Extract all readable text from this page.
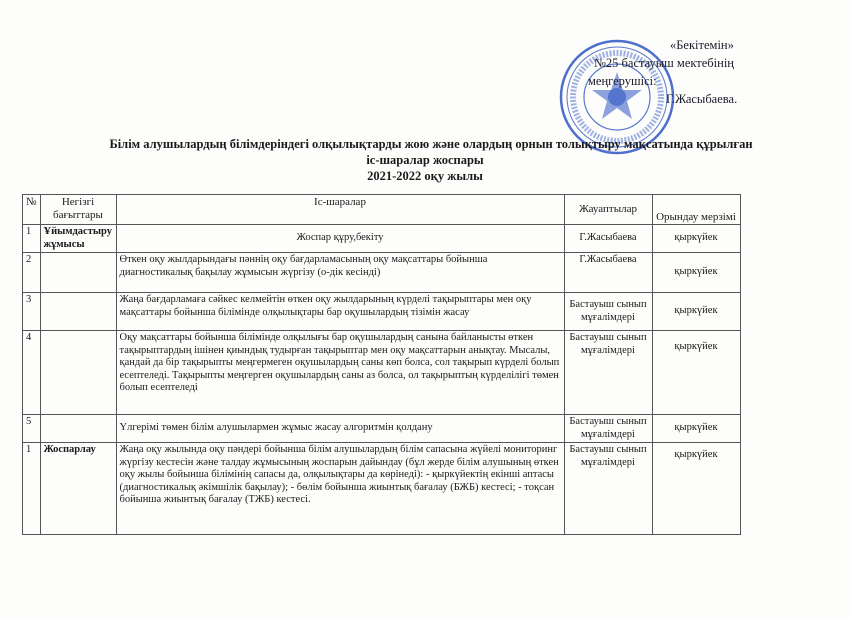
«Бекітемін»
№25 бастауыш мектебінің
меңгерушісі:
Г.Жасыбаева.
Білім алушылардың білімдеріндегі олқылықтарды жою және олардың орнын толықтыру мақсатында құрылған
іс-шаралар жоспары
2021-2022 оқу жылы
№	Негізгі бағыттары	Іс-шаралар	Жауаптылар	Орындау мерзімі
1	Ұйымдастыру жұмысы	Жоспар құру,бекіту	Г.Жасыбаева	қыркүйек
2		Өткен оқу жылдарындағы пәннің оқу бағдарламасының оқу мақсаттары бойынша диагностикалық бақылау жұмысын жүргізу (о-дік кесінді)	Г.Жасыбаева	қыркүйек
3		Жаңа бағдарламаға сәйкес келмейтін өткен оқу жылдарының күрделі тақырыптары мен оқу мақсаттары бойынша білімінде олқылықтары бар оқушылардың тізімін жасау	Бастауыш сынып мұғалімдері	қыркүйек
4		Оқу мақсаттары бойынша білімінде олқылығы бар оқушылардың санына байланысты өткен тақырыптардың ішінен қиындық тудырған тақырыптар мен оқу мақсаттарын анықтау. Мысалы, қандай да бір тақырыпты меңгермеген оқушылардың саны көп болса, сол тақырып күрделі болып есептеледі. Тақырыпты меңгерген оқушылардың саны аз болса, ол тақырыптың күрделілігі төмен болып есептеледі	Бастауыш сынып мұғалімдері	қыркүйек
5		Үлгерімі төмен білім алушылармен жұмыс жасау алгоритмін қолдану	Бастауыш сынып мұғалімдері	қыркүйек
1	Жоспарлау	Жаңа оқу жылында оқу пәндері бойынша білім алушылардың білім сапасына жүйелі мониторинг жүргізу кестесін және талдау жұмысының жоспарын дайындау (бұл жерде білім алушының өткен оқу жылы бойынша білімінің сапасы да, олқылықтары да көрінеді): - қыркүйектің екінші аптасы (диагностикалық әкімшілік бақылау); - бөлім бойынша жиынтық бағалау (БЖБ) кестесі; - тоқсан бойынша жиынтық бағалау (ТЖБ) кестесі.	Бастауыш сынып мұғалімдері	қыркүйек
